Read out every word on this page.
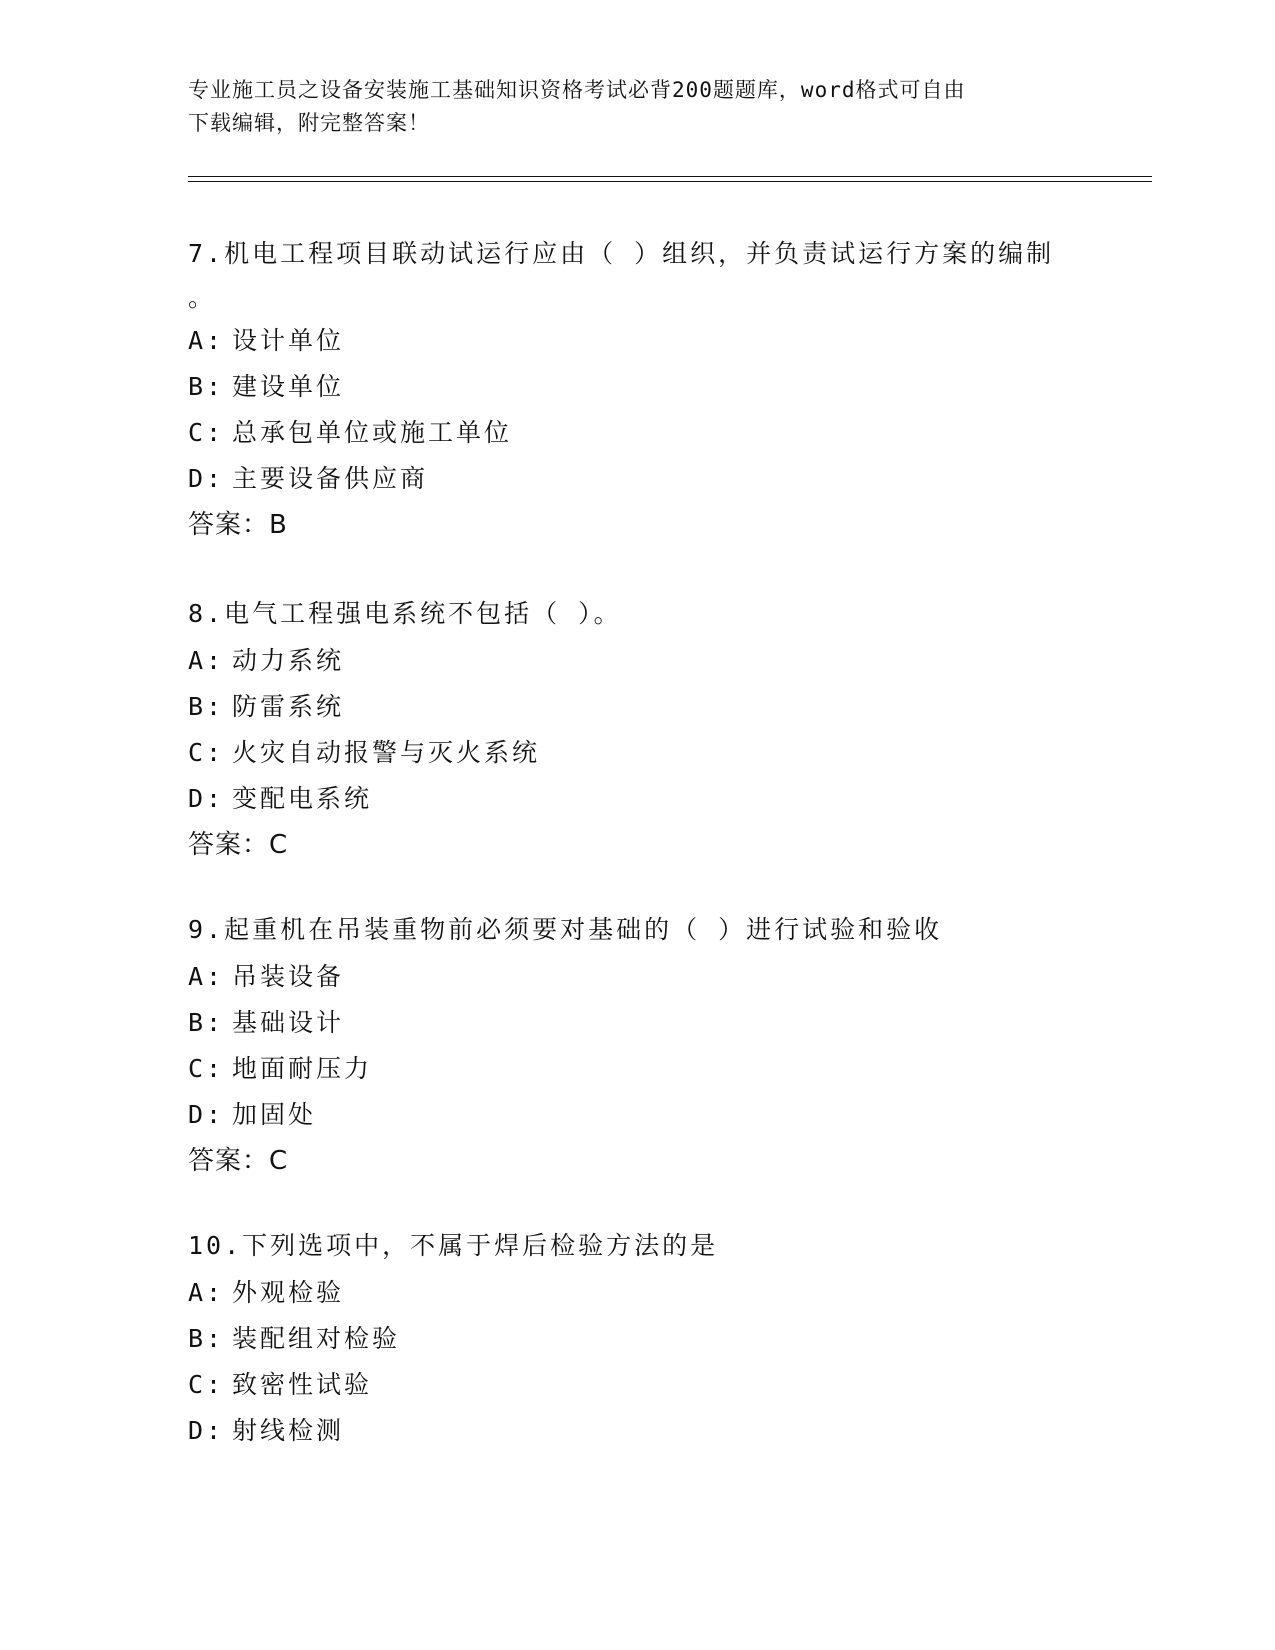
专业施工员之设备安装施工基础知识资格考试必背200题题库，word格式可自由
下载编辑，附完整答案！
7.机电工程项目联动试运行应由（ ）组织，并负责试运行方案的编制
。
A: 设计单位
B: 建设单位
C: 总承包单位或施工单位
D: 主要设备供应商
答案：B
8.电气工程强电系统不包括（ ）。
A: 动力系统
B: 防雷系统
C: 火灾自动报警与灭火系统
D: 变配电系统
答案：C
9.起重机在吊装重物前必须要对基础的（ ）进行试验和验收
A: 吊装设备
B: 基础设计
C: 地面耐压力
D: 加固处
答案：C
10.下列选项中，不属于焊后检验方法的是
A: 外观检验
B: 装配组对检验
C: 致密性试验
D: 射线检测
